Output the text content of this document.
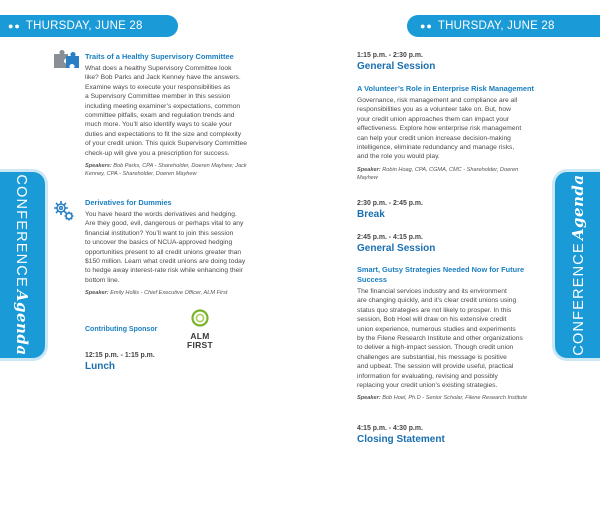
●● THURSDAY, JUNE 28	●● THURSDAY, JUNE 28
CONFERENCEAgenda	CONFERENCEAgenda

Traits of a Healthy Supervisory Committee

What does a healthy Supervisory Committee look
like? Bob Parks and Jack Kenney have the answers.
Examine ways to execute your responsibilities as
a Supervisory Committee member in this session
including meeting examiner’s expectations, common
committee pitfalls, exam and regulation trends and
much more. You’ll also identify ways to scale your
duties and expectations to fit the size and complexity
of your credit union. This quick Supervisory Committee
check-up will give you a prescription for success.

Speakers: Bob Parks, CPA - Shareholder, Doeren Mayhew; Jack
Kenney, CPA - Shareholder, Doeren Mayhew

Derivatives for Dummies

You have heard the words derivatives and hedging.
Are they good, evil, dangerous or perhaps vital to any
financial institution? You’ll want to join this session
to uncover the basics of NCUA-approved hedging
opportunities present to all credit unions greater than
$150 million. Learn what credit unions are doing today
to hedge away interest-rate risk while enhancing their
bottom line.

Speaker: Emily Hollis - Chief Executive Officer, ALM First

Contributing Sponsor
ALM FIRST

12:15 p.m. - 1:15 p.m.

Lunch

1:15 p.m. - 2:30 p.m.

General Session

A Volunteer’s Role in Enterprise Risk Management

Governance, risk management and compliance are all
responsibilities you as a volunteer take on. But, how
your credit union approaches them can impact your
effectiveness. Explore how enterprise risk management
can help your credit union increase decision-making
intelligence, eliminate redundancy and manage risks,
and the role you would play.

Speaker: Robin Hoag, CPA, CGMA, CMC - Shareholder, Doeren
Mayhew

2:30 p.m. - 2:45 p.m.

Break

2:45 p.m. - 4:15 p.m.

General Session

Smart, Gutsy Strategies Needed Now for Future
Success

The financial services industry and its environment
are changing quickly, and it’s clear credit unions using
status quo strategies are not likely to prosper. In this
session, Bob Hoel will draw on his extensive credit
union experience, numerous studies and experiments
by the Filene Research Institute and other organizations
to deliver a high-impact session. Though credit union
challenges are substantial, his message is positive
and upbeat. The session will provide useful, practical
information for evaluating, revising and possibly
replacing your credit union’s existing strategies.

Speaker: Bob Hoel, Ph.D - Senior Scholar, Filene Research Institute

4:15 p.m. - 4:30 p.m.

Closing Statement
